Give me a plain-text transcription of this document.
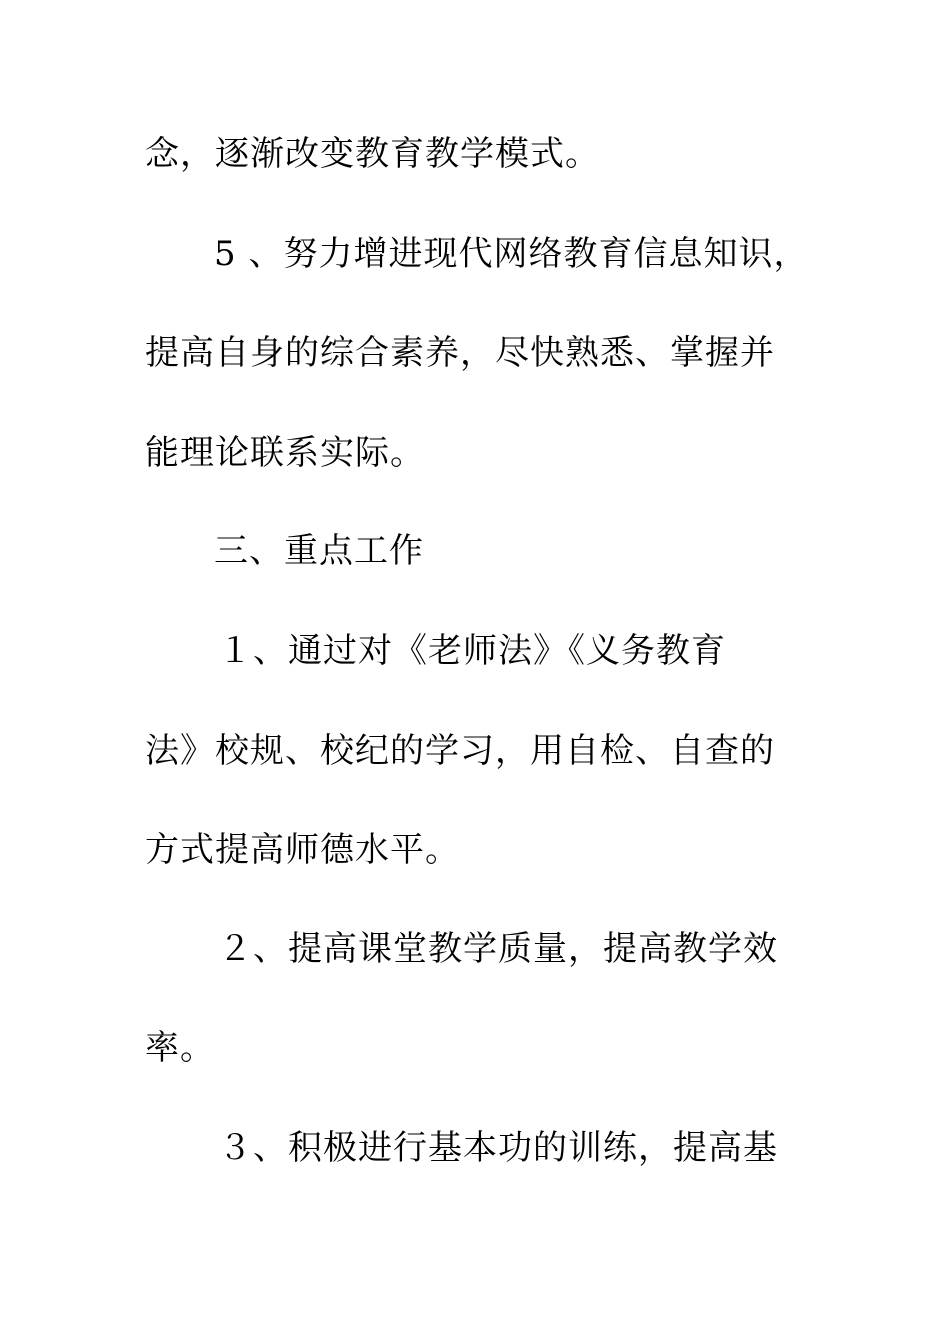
念，逐渐改变教育教学模式。
5 、努力增进现代网络教育信息知识，
提高自身的综合素养，尽快熟悉、掌握并
能理论联系实际。
三、重点工作
１、通过对《老师法》《义务教育
法》校规、校纪的学习，用自检、自查的
方式提高师德水平。
２、提高课堂教学质量，提高教学效
率。
３、积极进行基本功的训练，提高基
